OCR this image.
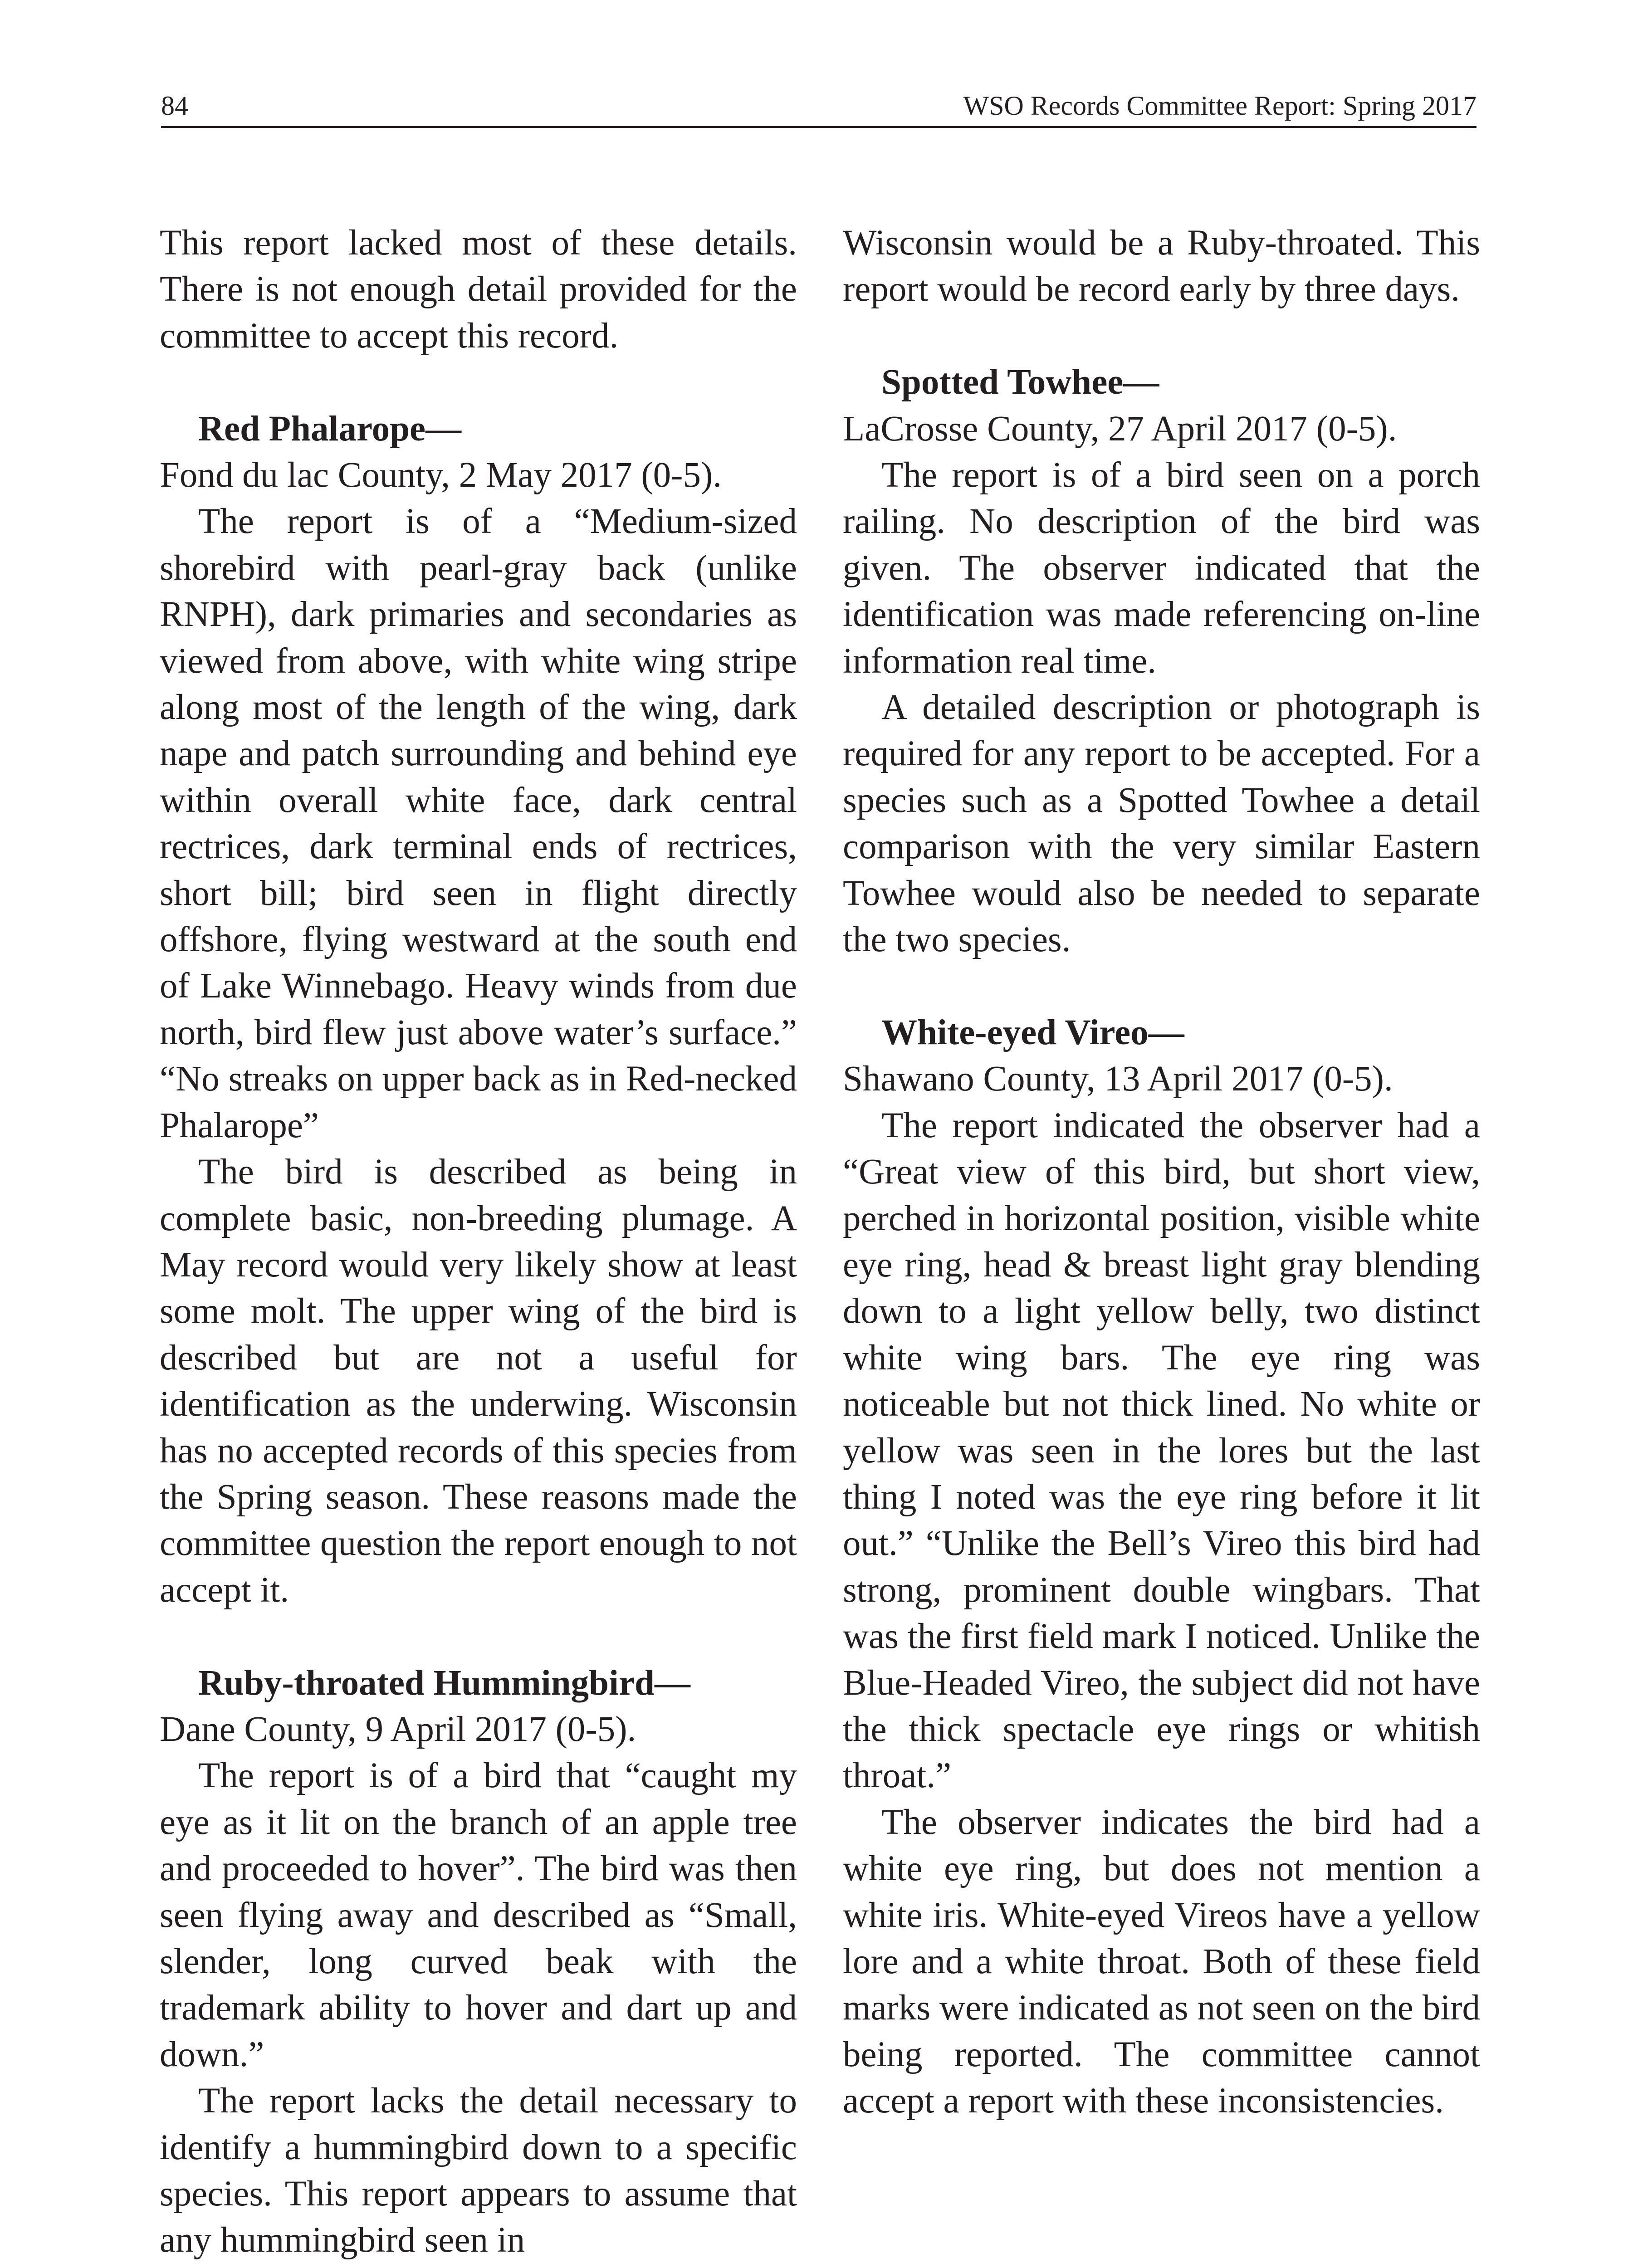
84	WSO Records Committee Report: Spring 2017

This report lacked most of these details. There is not enough detail provided for the committee to accept this record.

Red Phalarope—

Fond du lac County, 2 May 2017 (0-5).

The report is of a “Medium-sized shorebird with pearl-gray back (unlike RNPH), dark primaries and secondaries as viewed from above, with white wing stripe along most of the length of the wing, dark nape and patch surrounding and behind eye within overall white face, dark central rectrices, dark terminal ends of rectrices, short bill; bird seen in flight directly offshore, flying westward at the south end of Lake Winnebago. Heavy winds from due north, bird flew just above water’s surface.” “No streaks on upper back as in Red-necked Phalarope”

The bird is described as being in complete basic, non-breeding plumage. A May record would very likely show at least some molt. The upper wing of the bird is described but are not a useful for identification as the underwing. Wisconsin has no accepted records of this species from the Spring season. These reasons made the committee question the report enough to not accept it.

Ruby-throated Hummingbird—

Dane County, 9 April 2017 (0-5).

The report is of a bird that “caught my eye as it lit on the branch of an apple tree and proceeded to hover”. The bird was then seen flying away and described as “Small, slender, long curved beak with the trademark ability to hover and dart up and down.”

The report lacks the detail necessary to identify a hummingbird down to a specific species. This report appears to assume that any hummingbird seen in

Wisconsin would be a Ruby-throated. This report would be record early by three days.

Spotted Towhee—

LaCrosse County, 27 April 2017 (0-5).

The report is of a bird seen on a porch railing. No description of the bird was given. The observer indicated that the identification was made referencing on-line information real time.

A detailed description or photograph is required for any report to be accepted. For a species such as a Spotted Towhee a detail comparison with the very similar Eastern Towhee would also be needed to separate the two species.

White-eyed Vireo—

Shawano County, 13 April 2017 (0-5).

The report indicated the observer had a “Great view of this bird, but short view, perched in horizontal position, visible white eye ring, head & breast light gray blending down to a light yellow belly, two distinct white wing bars. The eye ring was noticeable but not thick lined. No white or yellow was seen in the lores but the last thing I noted was the eye ring before it lit out.” “Unlike the Bell’s Vireo this bird had strong, prominent double wingbars. That was the first field mark I noticed. Unlike the Blue-Headed Vireo, the subject did not have the thick spectacle eye rings or whitish throat.”

The observer indicates the bird had a white eye ring, but does not mention a white iris. White-eyed Vireos have a yellow lore and a white throat. Both of these field marks were indicated as not seen on the bird being reported. The committee cannot accept a report with these inconsistencies.
